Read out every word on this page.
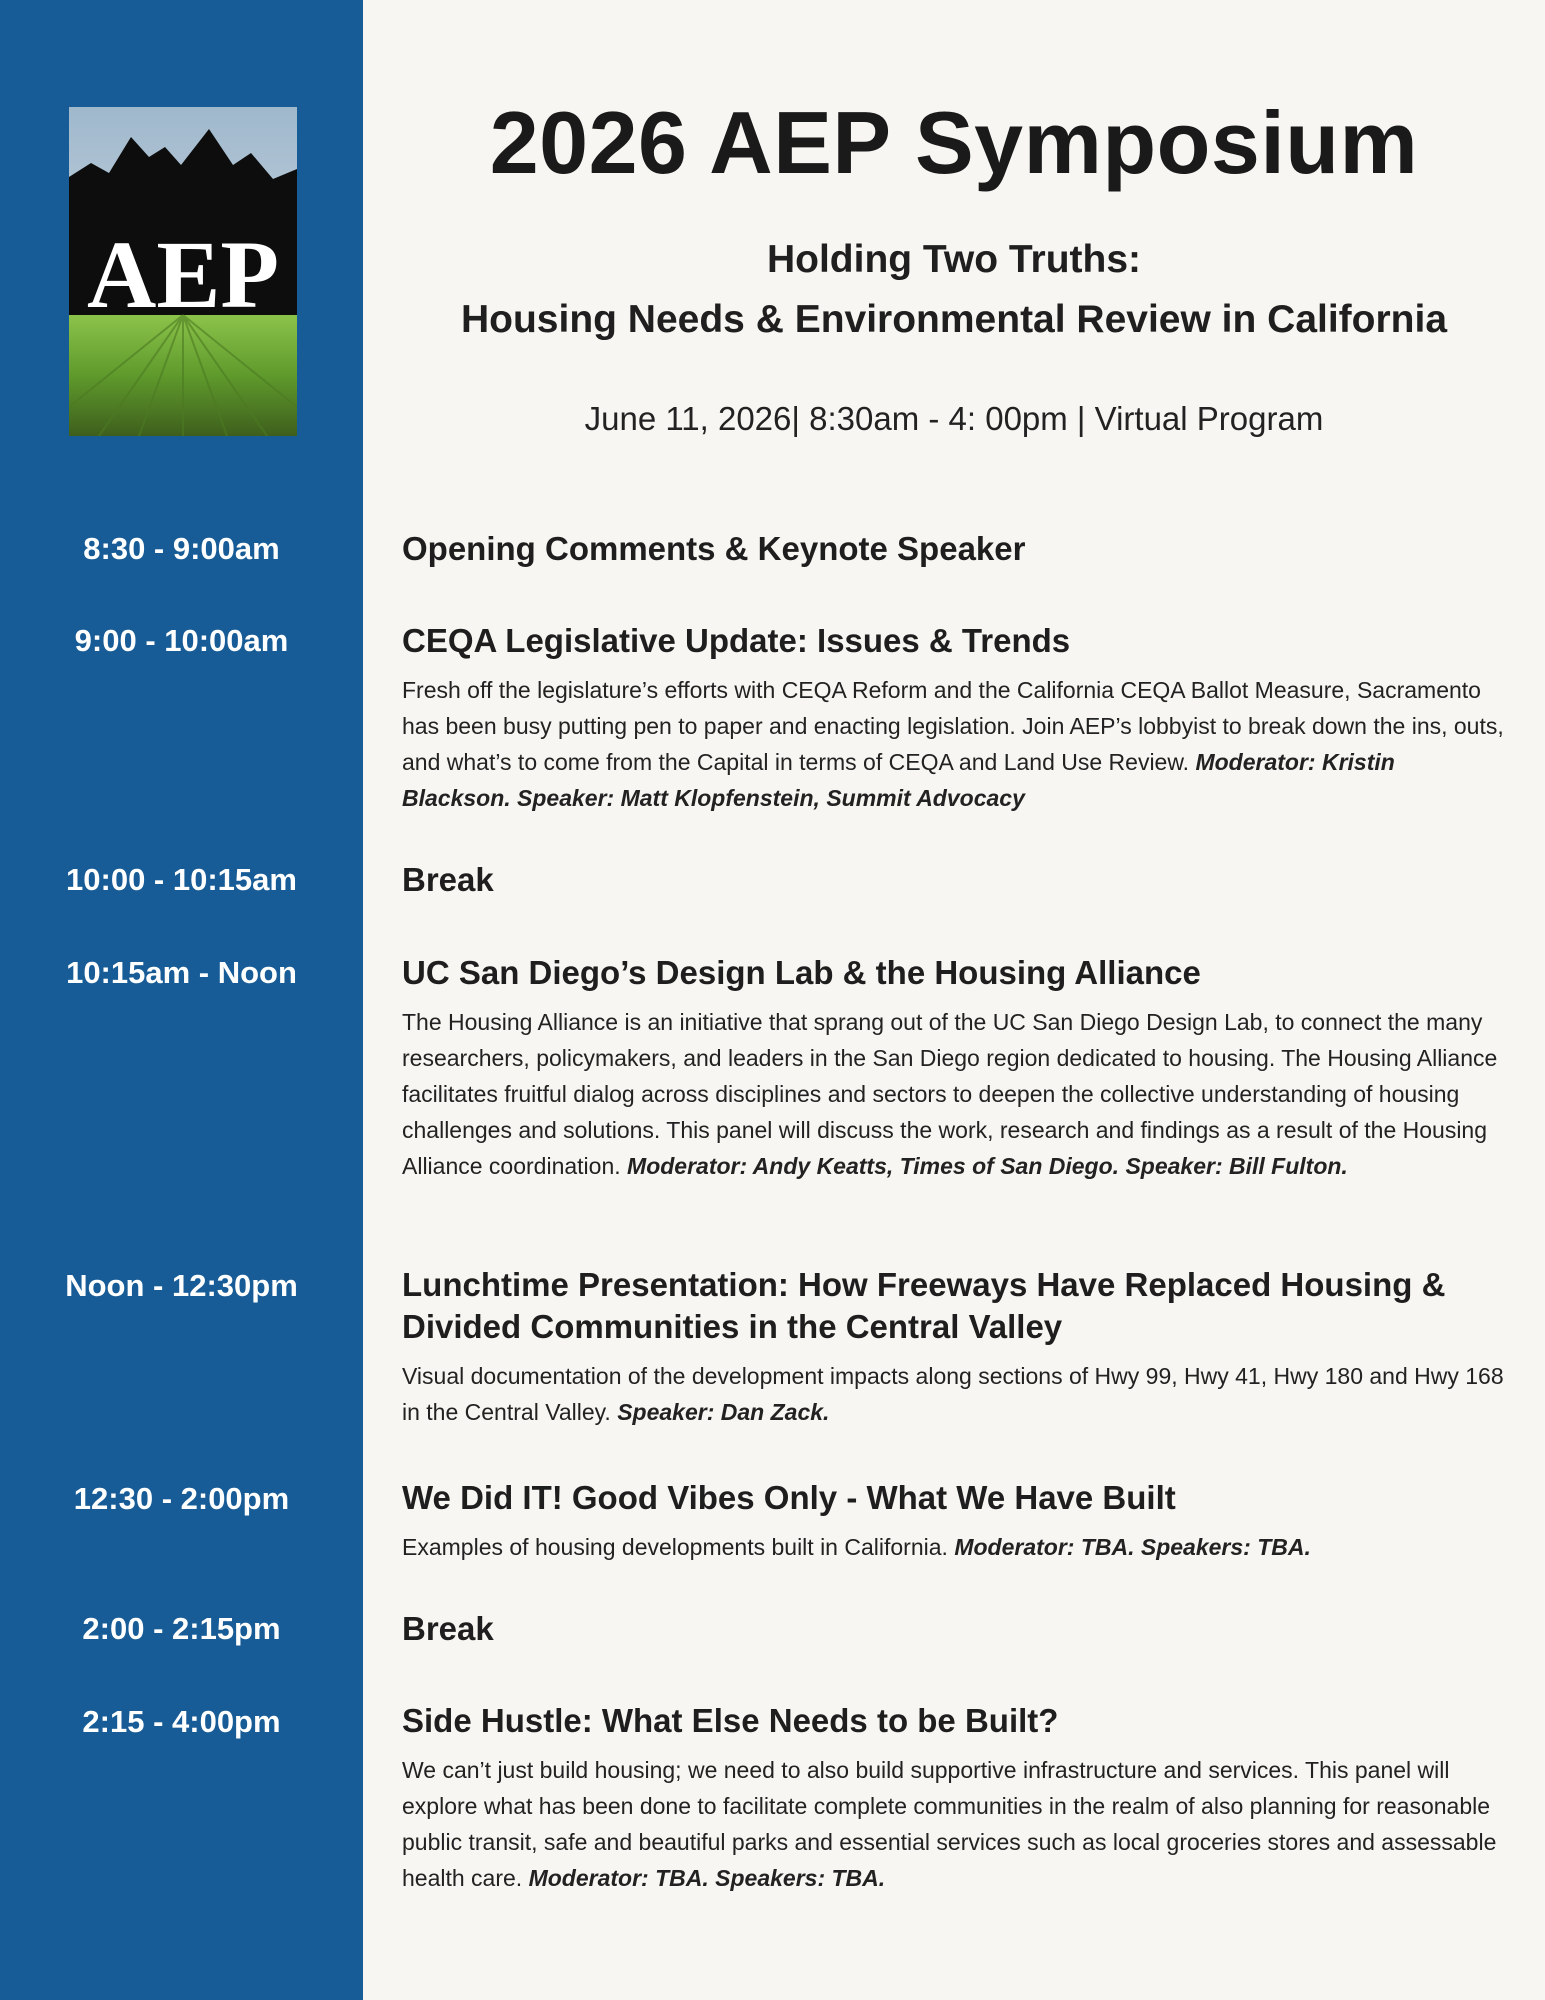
AEP
2026 AEP Symposium
Holding Two Truths:
Housing Needs & Environmental Review in California
June 11, 2026| 8:30am - 4: 00pm | Virtual Program
8:30 - 9:00am	Opening Comments & Keynote Speaker
9:00 - 10:00am	CEQA Legislative Update: Issues & Trends
Fresh off the legislature’s efforts with CEQA Reform and the California CEQA Ballot Measure, Sacramento has been busy putting pen to paper and enacting legislation. Join AEP’s lobbyist to break down the ins, outs, and what’s to come from the Capital in terms of CEQA and Land Use Review. Moderator: Kristin Blackson. Speaker: Matt Klopfenstein, Summit Advocacy
10:00 - 10:15am	Break
10:15am - Noon	UC San Diego’s Design Lab & the Housing Alliance
The Housing Alliance is an initiative that sprang out of the UC San Diego Design Lab, to connect the many researchers, policymakers, and leaders in the San Diego region dedicated to housing. The Housing Alliance facilitates fruitful dialog across disciplines and sectors to deepen the collective understanding of housing challenges and solutions. This panel will discuss the work, research and findings as a result of the Housing Alliance coordination. Moderator: Andy Keatts, Times of San Diego. Speaker: Bill Fulton.
Noon - 12:30pm	Lunchtime Presentation: How Freeways Have Replaced Housing & Divided Communities in the Central Valley
Visual documentation of the development impacts along sections of Hwy 99, Hwy 41, Hwy 180 and Hwy 168 in the Central Valley. Speaker: Dan Zack.
12:30 - 2:00pm	We Did IT! Good Vibes Only - What We Have Built
Examples of housing developments built in California. Moderator: TBA. Speakers: TBA.
2:00 - 2:15pm	Break
2:15 - 4:00pm	Side Hustle: What Else Needs to be Built?
We can’t just build housing; we need to also build supportive infrastructure and services. This panel will explore what has been done to facilitate complete communities in the realm of also planning for reasonable public transit, safe and beautiful parks and essential services such as local groceries stores and assessable health care. Moderator: TBA. Speakers: TBA.
